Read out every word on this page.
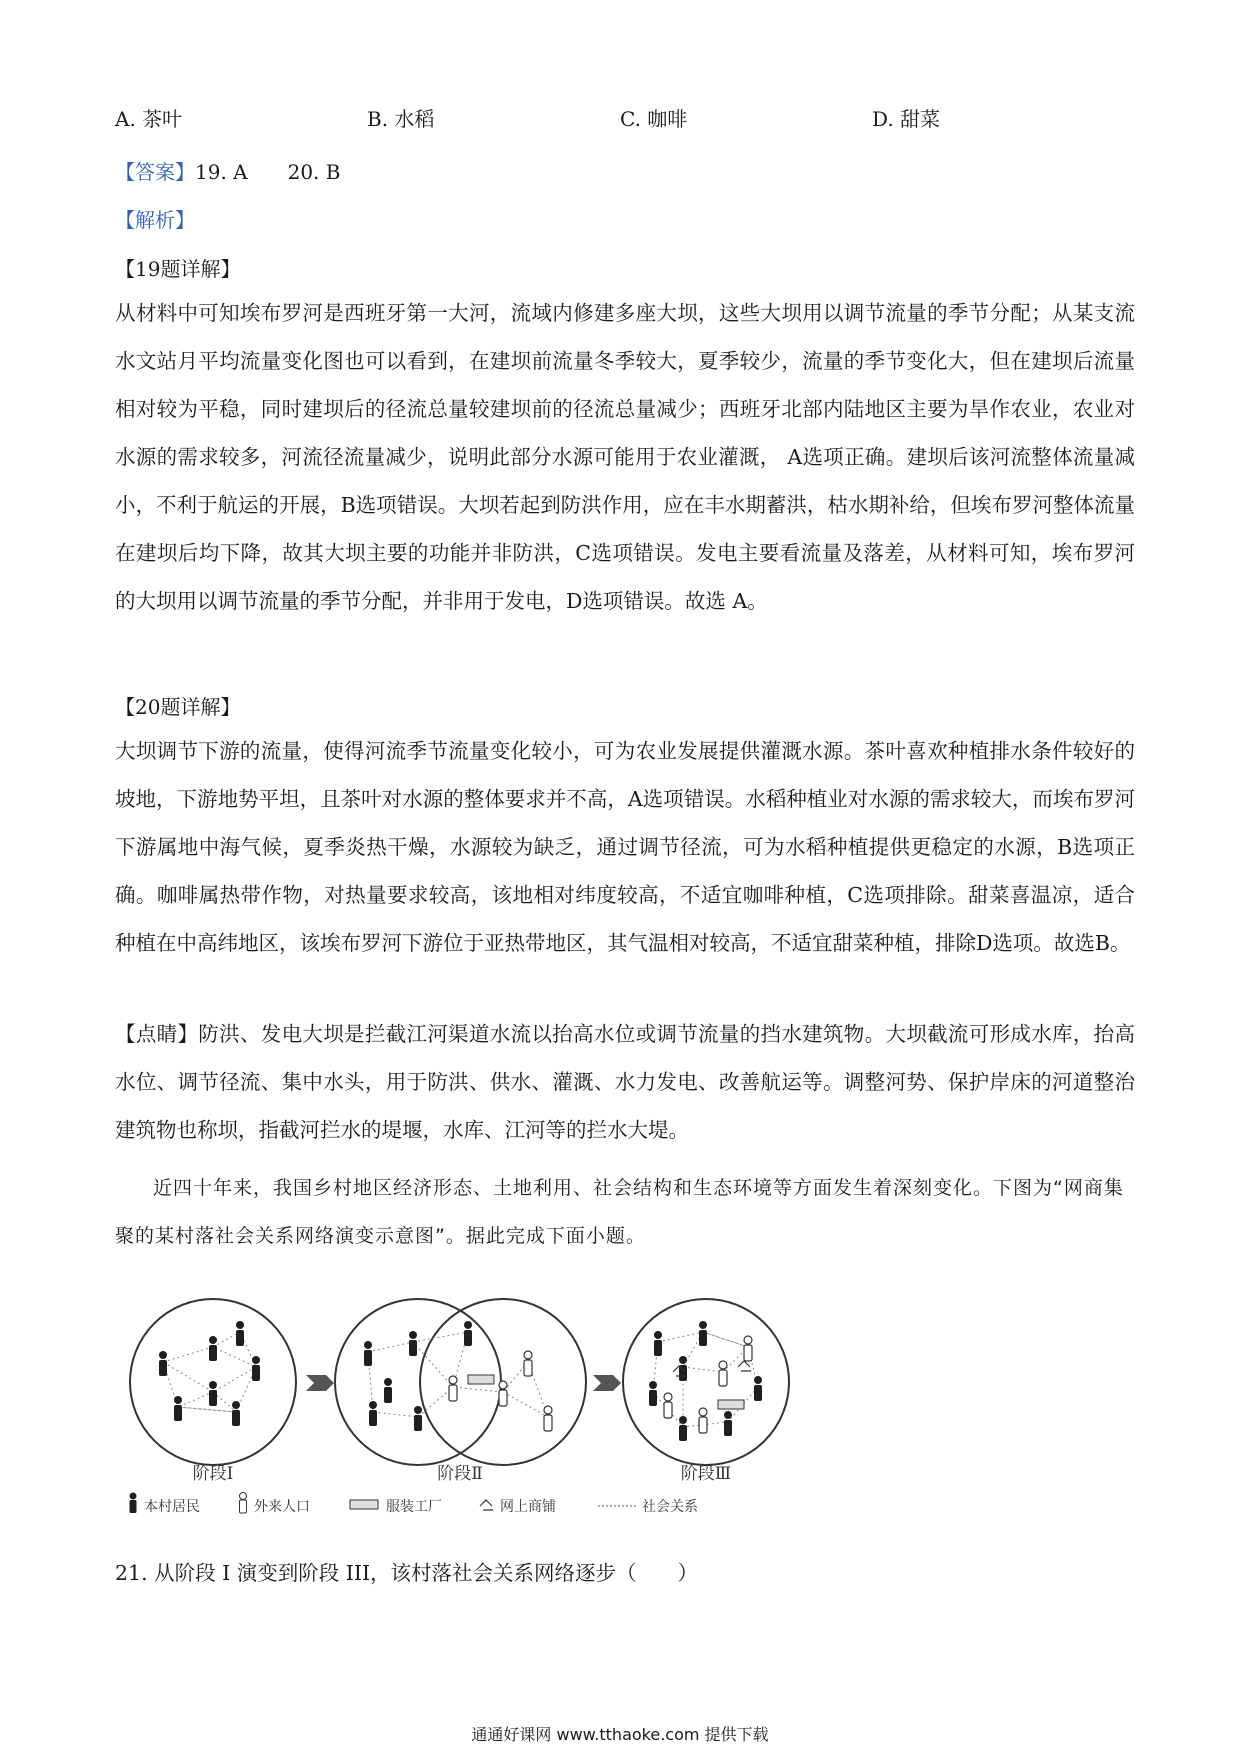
A. 茶叶	B. 水稻	C. 咖啡	D. 甜菜
【答案】19. A　　20. B
【解析】
【19题详解】
从材料中可知埃布罗河是西班牙第一大河，流域内修建多座大坝，这些大坝用以调节流量的季节分配；从某支流水文站月平均流量变化图也可以看到，在建坝前流量冬季较大，夏季较少，流量的季节变化大，但在建坝后流量相对较为平稳，同时建坝后的径流总量较建坝前的径流总量减少；西班牙北部内陆地区主要为旱作农业，农业对水源的需求较多，河流径流量减少，说明此部分水源可能用于农业灌溉， A选项正确。建坝后该河流整体流量减小，不利于航运的开展，B选项错误。大坝若起到防洪作用，应在丰水期蓄洪，枯水期补给，但埃布罗河整体流量在建坝后均下降，故其大坝主要的功能并非防洪，C选项错误。发电主要看流量及落差，从材料可知，埃布罗河的大坝用以调节流量的季节分配，并非用于发电，D选项错误。故选 A。
【20题详解】
大坝调节下游的流量，使得河流季节流量变化较小，可为农业发展提供灌溉水源。茶叶喜欢种植排水条件较好的坡地，下游地势平坦，且茶叶对水源的整体要求并不高，A选项错误。水稻种植业对水源的需求较大，而埃布罗河下游属地中海气候，夏季炎热干燥，水源较为缺乏，通过调节径流，可为水稻种植提供更稳定的水源，B选项正确。咖啡属热带作物，对热量要求较高，该地相对纬度较高，不适宜咖啡种植，C选项排除。甜菜喜温凉，适合种植在中高纬地区，该埃布罗河下游位于亚热带地区，其气温相对较高，不适宜甜菜种植，排除D选项。故选B。
【点睛】防洪、发电大坝是拦截江河渠道水流以抬高水位或调节流量的挡水建筑物。大坝截流可形成水库，抬高水位、调节径流、集中水头，用于防洪、供水、灌溉、水力发电、改善航运等。调整河势、保护岸床的河道整治建筑物也称坝，指截河拦水的堤堰，水库、江河等的拦水大堤。
近四十年来，我国乡村地区经济形态、土地利用、社会结构和生态环境等方面发生着深刻变化。下图为“网商集聚的某村落社会关系网络演变示意图”。据此完成下面小题。
阶段Ⅰ	阶段Ⅱ	阶段Ⅲ
本村居民	外来人口	服装工厂	网上商铺	社会关系
21. 从阶段 I 演变到阶段 III，该村落社会关系网络逐步（　　）
通通好课网 www.tthaoke.com 提供下载
